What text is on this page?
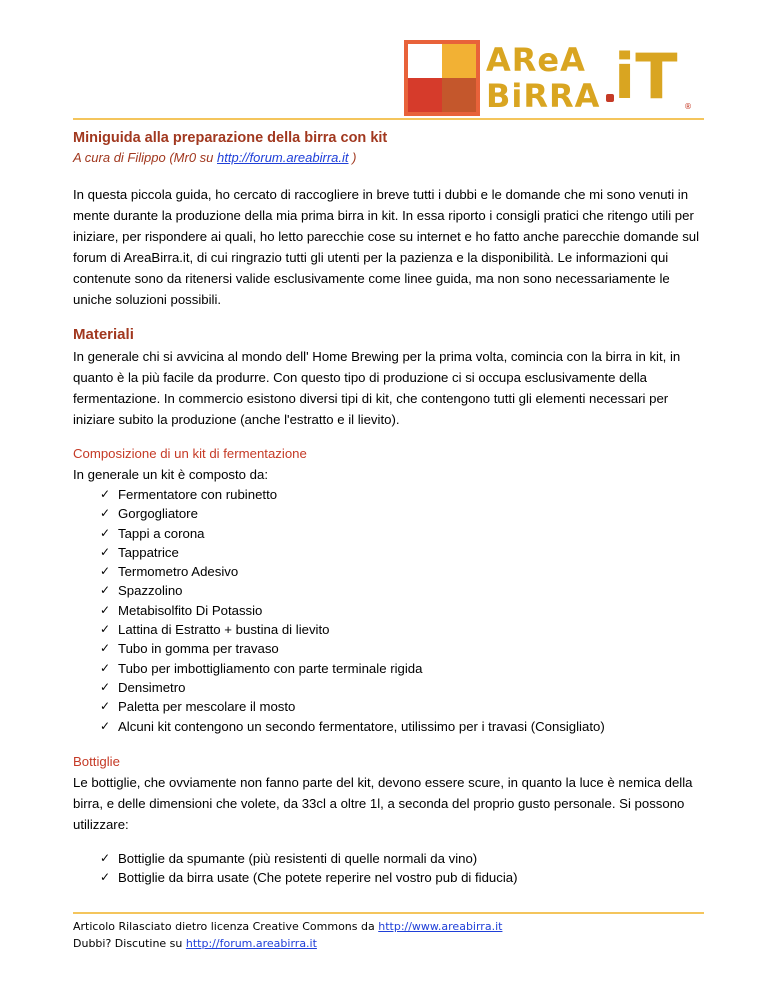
AReA
BiRRA iT ®
Miniguida alla preparazione della birra con kit
A cura di Filippo (Mr0 su http://forum.areabirra.it )

In questa piccola guida, ho cercato di raccogliere in breve tutti i dubbi e le domande che mi sono venuti in mente durante la produzione della mia prima birra in kit. In essa riporto i consigli pratici che ritengo utili per iniziare, per rispondere ai quali, ho letto parecchie cose su internet e ho fatto anche parecchie domande sul forum di AreaBirra.it, di cui ringrazio tutti gli utenti per la pazienza e la disponibilità. Le informazioni qui contenute sono da ritenersi valide esclusivamente come linee guida, ma non sono necessariamente le uniche soluzioni possibili.

Materiali

In generale chi si avvicina al mondo dell' Home Brewing per la prima volta, comincia con la birra in kit, in quanto è la più facile da produrre. Con questo tipo di produzione ci si occupa esclusivamente della fermentazione. In commercio esistono diversi tipi di kit, che contengono tutti gli elementi necessari per iniziare subito la produzione (anche l'estratto e il lievito).

Composizione di un kit di fermentazione

In generale un kit è composto da:

✓ Fermentatore con rubinetto
✓ Gorgogliatore
✓ Tappi a corona
✓ Tappatrice
✓ Termometro Adesivo
✓ Spazzolino
✓ Metabisolfito Di Potassio
✓ Lattina di Estratto + bustina di lievito
✓ Tubo in gomma per travaso
✓ Tubo per imbottigliamento con parte terminale rigida
✓ Densimetro
✓ Paletta per mescolare il mosto
✓ Alcuni kit contengono un secondo fermentatore, utilissimo per i travasi (Consigliato)
Bottiglie

Le bottiglie, che ovviamente non fanno parte del kit, devono essere scure, in quanto la luce è nemica della birra, e delle dimensioni che volete, da 33cl a oltre 1l, a seconda del proprio gusto personale. Si possono utilizzare:

✓ Bottiglie da spumante (più resistenti di quelle normali da vino)
✓ Bottiglie da birra usate (Che potete reperire nel vostro pub di fiducia)
Articolo Rilasciato dietro licenza Creative Commons da http://www.areabirra.it
Dubbi? Discutine su http://forum.areabirra.it
